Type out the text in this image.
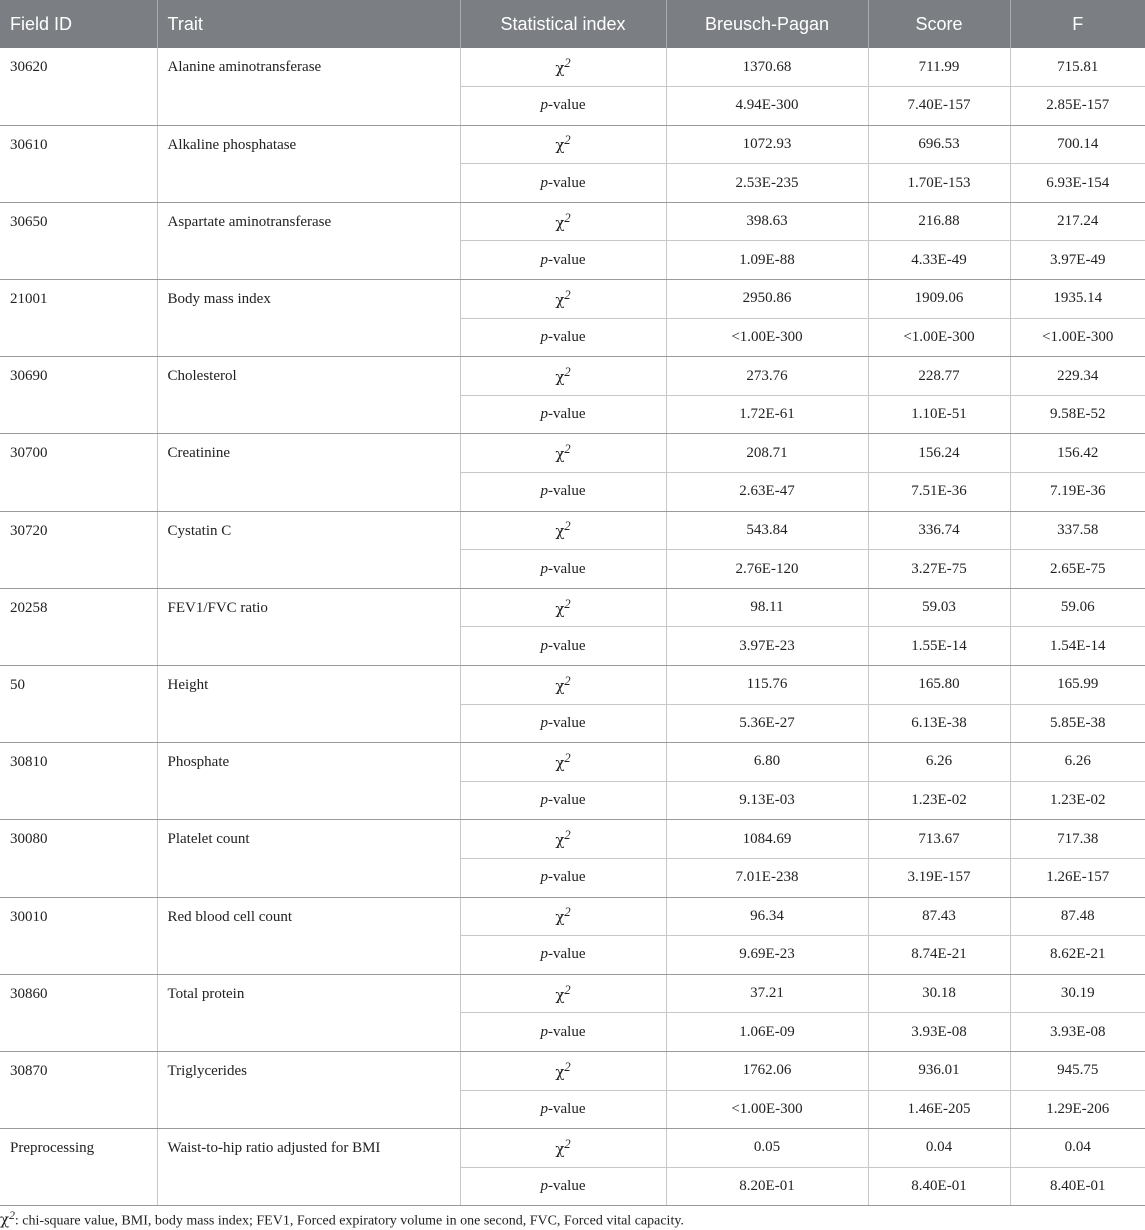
Field ID	Trait	Statistical index	Breusch-Pagan	Score	F
30620	Alanine aminotransferase	$\chi^2$	1370.68	711.99	715.81
		p-value	4.94E-300	7.40E-157	2.85E-157
30610	Alkaline phosphatase	$\chi^2$	1072.93	696.53	700.14
		p-value	2.53E-235	1.70E-153	6.93E-154
30650	Aspartate aminotransferase	$\chi^2$	398.63	216.88	217.24
		p-value	1.09E-88	4.33E-49	3.97E-49
21001	Body mass index	$\chi^2$	2950.86	1909.06	1935.14
		p-value	<1.00E-300	<1.00E-300	<1.00E-300
30690	Cholesterol	$\chi^2$	273.76	228.77	229.34
		p-value	1.72E-61	1.10E-51	9.58E-52
30700	Creatinine	$\chi^2$	208.71	156.24	156.42
		p-value	2.63E-47	7.51E-36	7.19E-36
30720	Cystatin C	$\chi^2$	543.84	336.74	337.58
		p-value	2.76E-120	3.27E-75	2.65E-75
20258	FEV1/FVC ratio	$\chi^2$	98.11	59.03	59.06
		p-value	3.97E-23	1.55E-14	1.54E-14
50	Height	$\chi^2$	115.76	165.80	165.99
		p-value	5.36E-27	6.13E-38	5.85E-38
30810	Phosphate	$\chi^2$	6.80	6.26	6.26
		p-value	9.13E-03	1.23E-02	1.23E-02
30080	Platelet count	$\chi^2$	1084.69	713.67	717.38
		p-value	7.01E-238	3.19E-157	1.26E-157
30010	Red blood cell count	$\chi^2$	96.34	87.43	87.48
		p-value	9.69E-23	8.74E-21	8.62E-21
30860	Total protein	$\chi^2$	37.21	30.18	30.19
		p-value	1.06E-09	3.93E-08	3.93E-08
30870	Triglycerides	$\chi^2$	1762.06	936.01	945.75
		p-value	<1.00E-300	1.46E-205	1.29E-206
Preprocessing	Waist-to-hip ratio adjusted for BMI	$\chi^2$	0.05	0.04	0.04
		p-value	8.20E-01	8.40E-01	8.40E-01
$\chi^2$: chi-square value, BMI, body mass index; FEV1, Forced expiratory volume in one second, FVC, Forced vital capacity.
